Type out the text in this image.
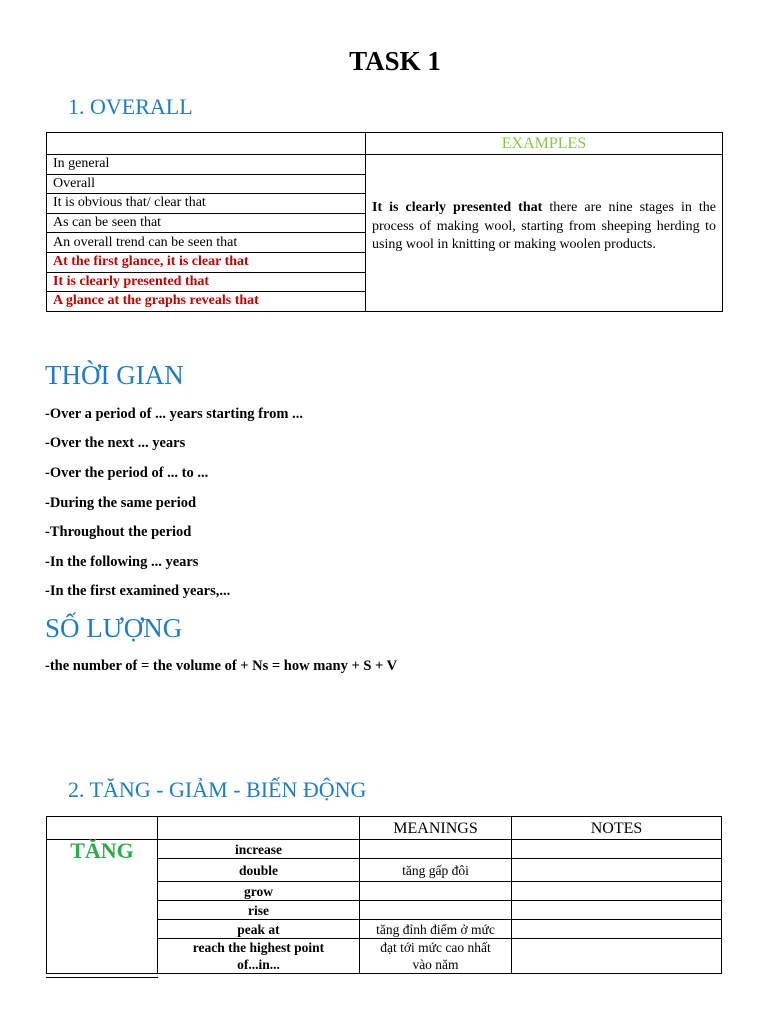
TASK 1
1. OVERALL
	EXAMPLES
In general	It is clearly presented that there are nine stages in the process of making wool, starting from sheeping herding to using wool in knitting or making woolen products.
Overall	
It is obvious that/ clear that	
As can be seen that	
An overall trend can be seen that	
At the first glance, it is clear that	
It is clearly presented that	
A glance at the graphs reveals that	
THỜI GIAN
-Over a period of ... years starting from ...
-Over the next ... years
-Over the period of ... to ...
-During the same period
-Throughout the period
-In the following ... years
-In the first examined years,...
SỐ LƯỢNG
-the number of = the volume of + Ns = how many + S + V
2. TĂNG - GIẢM - BIẾN ĐỘNG
		MEANINGS	NOTES
TĂNG	increase		
	double	tăng gấp đôi	
	grow		
	rise		
	peak at	tăng đỉnh điểm ở mức	
	reach the highest point of...in...	đạt tới mức cao nhất vào năm	
